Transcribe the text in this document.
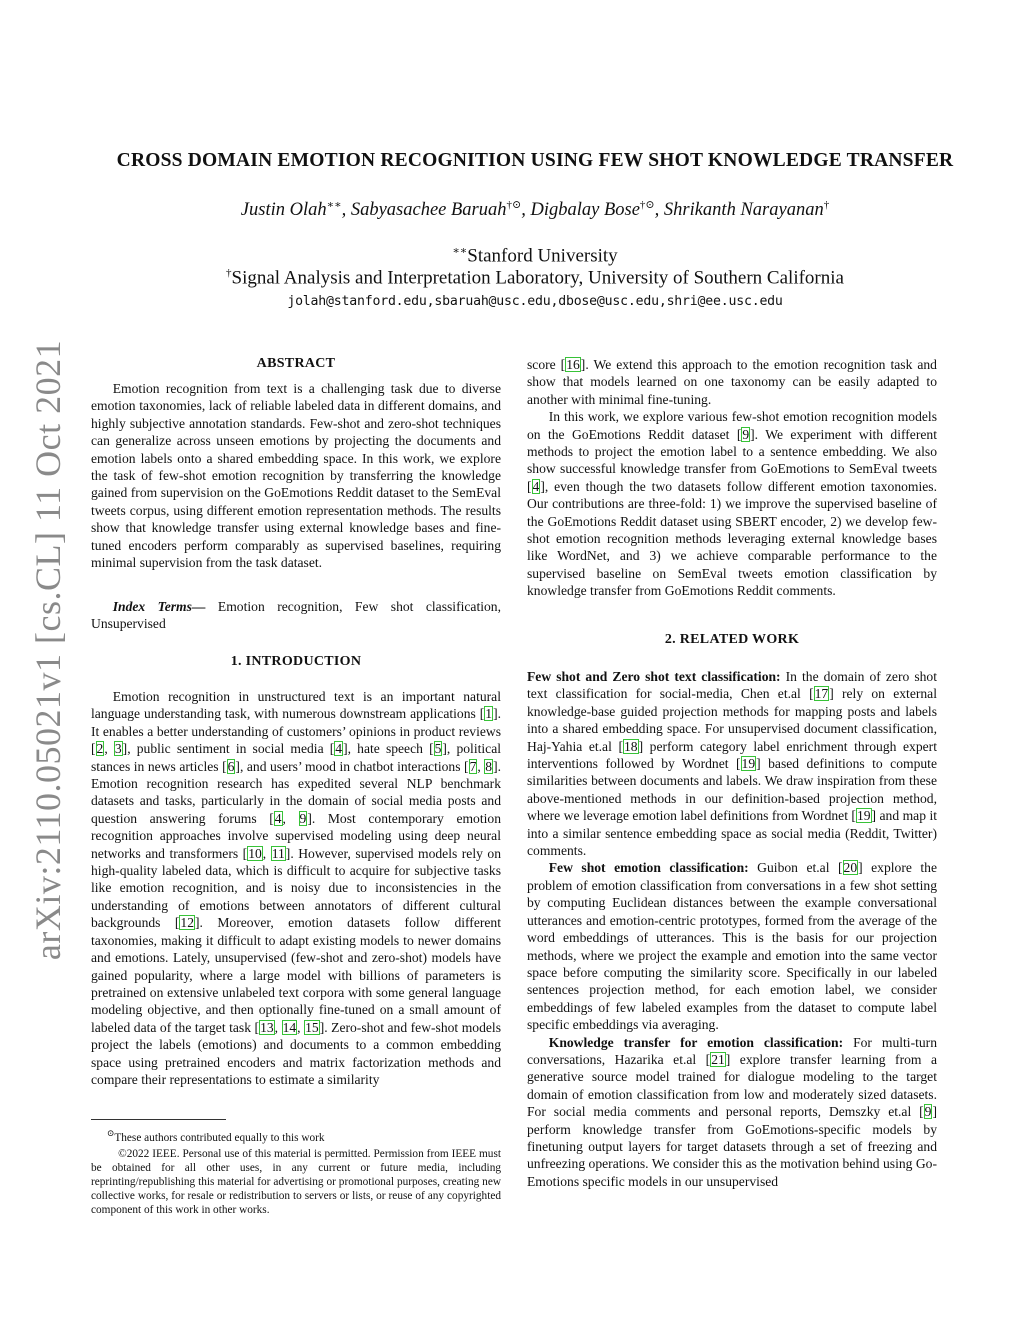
arXiv:2110.05021v1 [cs.CL] 11 Oct 2021
CROSS DOMAIN EMOTION RECOGNITION USING FEW SHOT KNOWLEDGE TRANSFER
Justin Olah∗∗, Sabyasachee Baruah†⊙, Digbalay Bose†⊙, Shrikanth Narayanan†
∗∗Stanford University
†Signal Analysis and Interpretation Laboratory, University of Southern California
jolah@stanford.edu,sbaruah@usc.edu,dbose@usc.edu,shri@ee.usc.edu
ABSTRACT

Emotion recognition from text is a challenging task due to diverse emotion taxonomies, lack of reliable labeled data in different domains, and highly subjective annotation standards. Few-shot and zero-shot techniques can generalize across unseen emotions by projecting the documents and emotion labels onto a shared embedding space. In this work, we explore the task of few-shot emotion recognition by transferring the knowledge gained from supervision on the GoEmotions Reddit dataset to the SemEval tweets corpus, using different emotion representation methods. The results show that knowledge transfer using external knowledge bases and fine-tuned encoders perform comparably as supervised baselines, requiring minimal supervision from the task dataset.

Index Terms— Emotion recognition, Few shot classification, Unsupervised

1. INTRODUCTION

Emotion recognition in unstructured text is an important natural language understanding task, with numerous downstream applications [1]. It enables a better understanding of customers’ opinions in product reviews [2, 3], public sentiment in social media [4], hate speech [5], political stances in news articles [6], and users’ mood in chatbot interactions [7, 8]. Emotion recognition research has expedited several NLP benchmark datasets and tasks, particularly in the domain of social media posts and question answering forums [4, 9]. Most contemporary emotion recognition approaches involve supervised modeling using deep neural networks and transformers [10, 11]. However, supervised models rely on high-quality labeled data, which is difficult to acquire for subjective tasks like emotion recognition, and is noisy due to inconsistencies in the understanding of emotions between annotators of different cultural backgrounds [12]. Moreover, emotion datasets follow different taxonomies, making it difficult to adapt existing models to newer domains and emotions. Lately, unsupervised (few-shot and zero-shot) models have gained popularity, where a large model with billions of parameters is pretrained on extensive unlabeled text corpora with some general language modeling objective, and then optionally fine-tuned on a small amount of labeled data of the target task [13, 14, 15]. Zero-shot and few-shot models project the labels (emotions) and documents to a common embedding space using pretrained encoders and matrix factorization methods and compare their representations to estimate a similarity

⊙These authors contributed equally to this work
©2022 IEEE. Personal use of this material is permitted. Permission from IEEE must be obtained for all other uses, in any current or future media, including reprinting/republishing this material for advertising or promotional purposes, creating new collective works, for resale or redistribution to servers or lists, or reuse of any copyrighted component of this work in other works.

score [16]. We extend this approach to the emotion recognition task and show that models learned on one taxonomy can be easily adapted to another with minimal fine-tuning.

In this work, we explore various few-shot emotion recognition models on the GoEmotions Reddit dataset [9]. We experiment with different methods to project the emotion label to a sentence embedding. We also show successful knowledge transfer from GoEmotions to SemEval tweets [4], even though the two datasets follow different emotion taxonomies. Our contributions are three-fold: 1) we improve the supervised baseline of the GoEmotions Reddit dataset using SBERT encoder, 2) we develop few-shot emotion recognition methods leveraging external knowledge bases like WordNet, and 3) we achieve comparable performance to the supervised baseline on SemEval tweets emotion classification by knowledge transfer from GoEmotions Reddit comments.

2. RELATED WORK

Few shot and Zero shot text classification: In the domain of zero shot text classification for social-media, Chen et.al [17] rely on external knowledge-base guided projection methods for mapping posts and labels into a shared embedding space. For unsupervised document classification, Haj-Yahia et.al [18] perform category label enrichment through expert interventions followed by Wordnet [19] based definitions to compute similarities between documents and labels. We draw inspiration from these above-mentioned methods in our definition-based projection method, where we leverage emotion label definitions from Wordnet [19] and map it into a similar sentence embedding space as social media (Reddit, Twitter) comments.

Few shot emotion classification: Guibon et.al [20] explore the problem of emotion classification from conversations in a few shot setting by computing Euclidean distances between the example conversational utterances and emotion-centric prototypes, formed from the average of the word embeddings of utterances. This is the basis for our projection methods, where we project the example and emotion into the same vector space before computing the similarity score. Specifically in our labeled sentences projection method, for each emotion label, we consider embeddings of few labeled examples from the dataset to compute label specific embeddings via averaging.

Knowledge transfer for emotion classification: For multi-turn conversations, Hazarika et.al [21] explore transfer learning from a generative source model trained for dialogue modeling to the target domain of emotion classification from low and moderately sized datasets. For social media comments and personal reports, Demszky et.al [9] perform knowledge transfer from GoEmotions-specific models by finetuning output layers for target datasets through a set of freezing and unfreezing operations. We consider this as the motivation behind using Go-Emotions specific models in our unsupervised
